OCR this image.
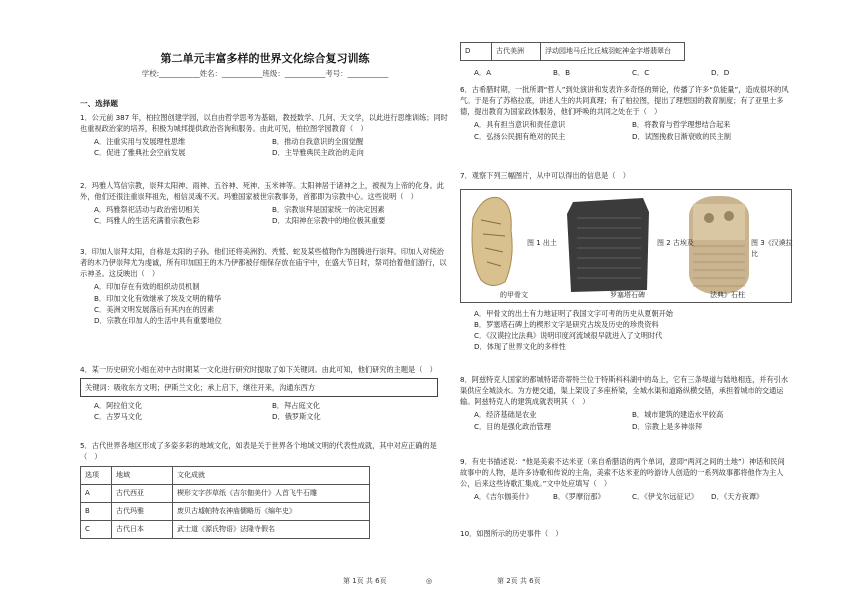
第二单元丰富多样的世界文化综合复习训练
学校:___________姓名：___________班级：___________考号：___________
一、选择题

1．公元前 387 年，柏拉图创建学园，以自由哲学思考为基础，教授数学、几何、天文学，以此进行思维训练；同时也重视政治家的培养，积极为城邦提供政治咨询和服务。由此可见，柏拉图学园教育（　）

A．注重实用与发展理性思维	B．推动自我意识的全面觉醒
C．促进了雅典社会空前发展	D．主导雅典民主政治的走向

2．玛雅人笃信宗教，崇拜太阳神、雨神、五谷神、死神、玉米神等。太阳神居于诸神之上，被视为上帝的化身。此外，他们还很注重崇拜祖先，相信灵魂不灭。玛雅国家被世宗教事务，首都即为宗教中心。这些说明（　）

A．玛雅祭祀活动与政治密切相关	B．宗教崇拜是国家统一的决定因素
C．玛雅人的生活充满着宗教色彩	D．太阳神在宗教中的地位极其重要

3．印加人崇拜太阳，自称是太阳的子孙。他们还将美洲豹、秃鹫、蛇及某些植物作为图腾进行崇拜。印加人对统治者的木乃伊崇拜尤为虔诚，所有印加国王的木乃伊都被仔细保存放在庙宇中，在盛大节日时，祭司抬着他们游行，以示神圣。这反映出（　）

A．印加存在有效的组织动员机制
B．印加文化有效继承了埃及文明的精华
C．美洲文明发展落后有其内在的因素
D．宗教在印加人的生活中具有重要地位

4．某一历史研究小组在对中古时期某一文化进行研究时提取了如下关键词。由此可知，他们研究的主题是（　）

关键词：吸收东方文明；伊斯兰文化；承上启下，继往开来，沟通东西方
A．阿拉伯文化	B．拜占庭文化
C．古罗马文化	D．俄罗斯文化

5．古代世界各地区形成了多姿多彩的地域文化，如表是关于世界各个地域文明的代表性成就，其中对应正确的是（　）

选项	地域	文化成就
A	古代西亚	楔形文字莎草纸《吉尔伽美什》人首飞牛石雕
B	古代玛雅	废贝古墟帕特农神庙儒略历《编年史》
C	古代日本	武士道《源氏物语》法隆寺假名
D	古代美洲	浮动园地马丘比丘城羽蛇神金字塔翡翠台
A．A	B．B	C．C	D．D

6．古希腊时期，一批所谓“哲人”到处演讲和发表许多奇怪的辩论，传播了许多“负能量”，造成很坏的风气。于是有了苏格拉底，讲述人生的共同真理；有了柏拉图，提出了理想国的教育制度；有了亚里士多德，提出教育为国家政体服务，他们呼唤的共同之处在于（　）

A．具有担当意识和责任意识	B．将教育与哲学理想结合起来
C．弘扬公民拥有绝对的民主	D．试图挽救日渐衰败的民主制
7．观察下列三幅图片，从中可以得出的信息是（　）
图 1 出土	图 2 古埃及	图 3《汉谟拉比
的甲骨文	罗塞塔石碑	法典》石柱
A．甲骨文的出土有力地证明了我国文字可考的历史从夏朝开始
B．罗塞塔石碑上的楔形文字是研究古埃及历史的珍贵资料
C．《汉谟拉比法典》说明印度河流域很早就进入了文明时代
D．体现了世界文化的多样性

8．阿兹特克人国家的都城特诺奇蒂特兰位于特斯科科湖中的岛上，它有三条堤道与陆地相连，并有引水渠供应全城淡水。为方便交通，渠上架设了多座桥梁，全城水渠和道路纵横交错，承担着城市的交通运输。阿兹特克人的建筑成就表明其（　）

A．经济基础是农业	B．城市建筑的建造水平较高
C．目的是强化政治管理	D．宗教上是多神崇拜

9．有史书描述说：“他是美索不达米亚（来自希腊语的两个单词，意即“两河之间的土地”）神话和民间故事中的人物，是许多诗歌和传说的主角，美索不达米亚的吟游诗人创造的一系列故事都将他作为主人公，后来这些诗歌汇集成。”文中处应填写（　）

A．《吉尔伽美什》	B．《罗摩衍那》	C．《伊戈尔远征记》	D．《天方夜谭》
10．如图所示的历史事件（　）
第 1页 共 6页	◎	第 2页 共 6页
